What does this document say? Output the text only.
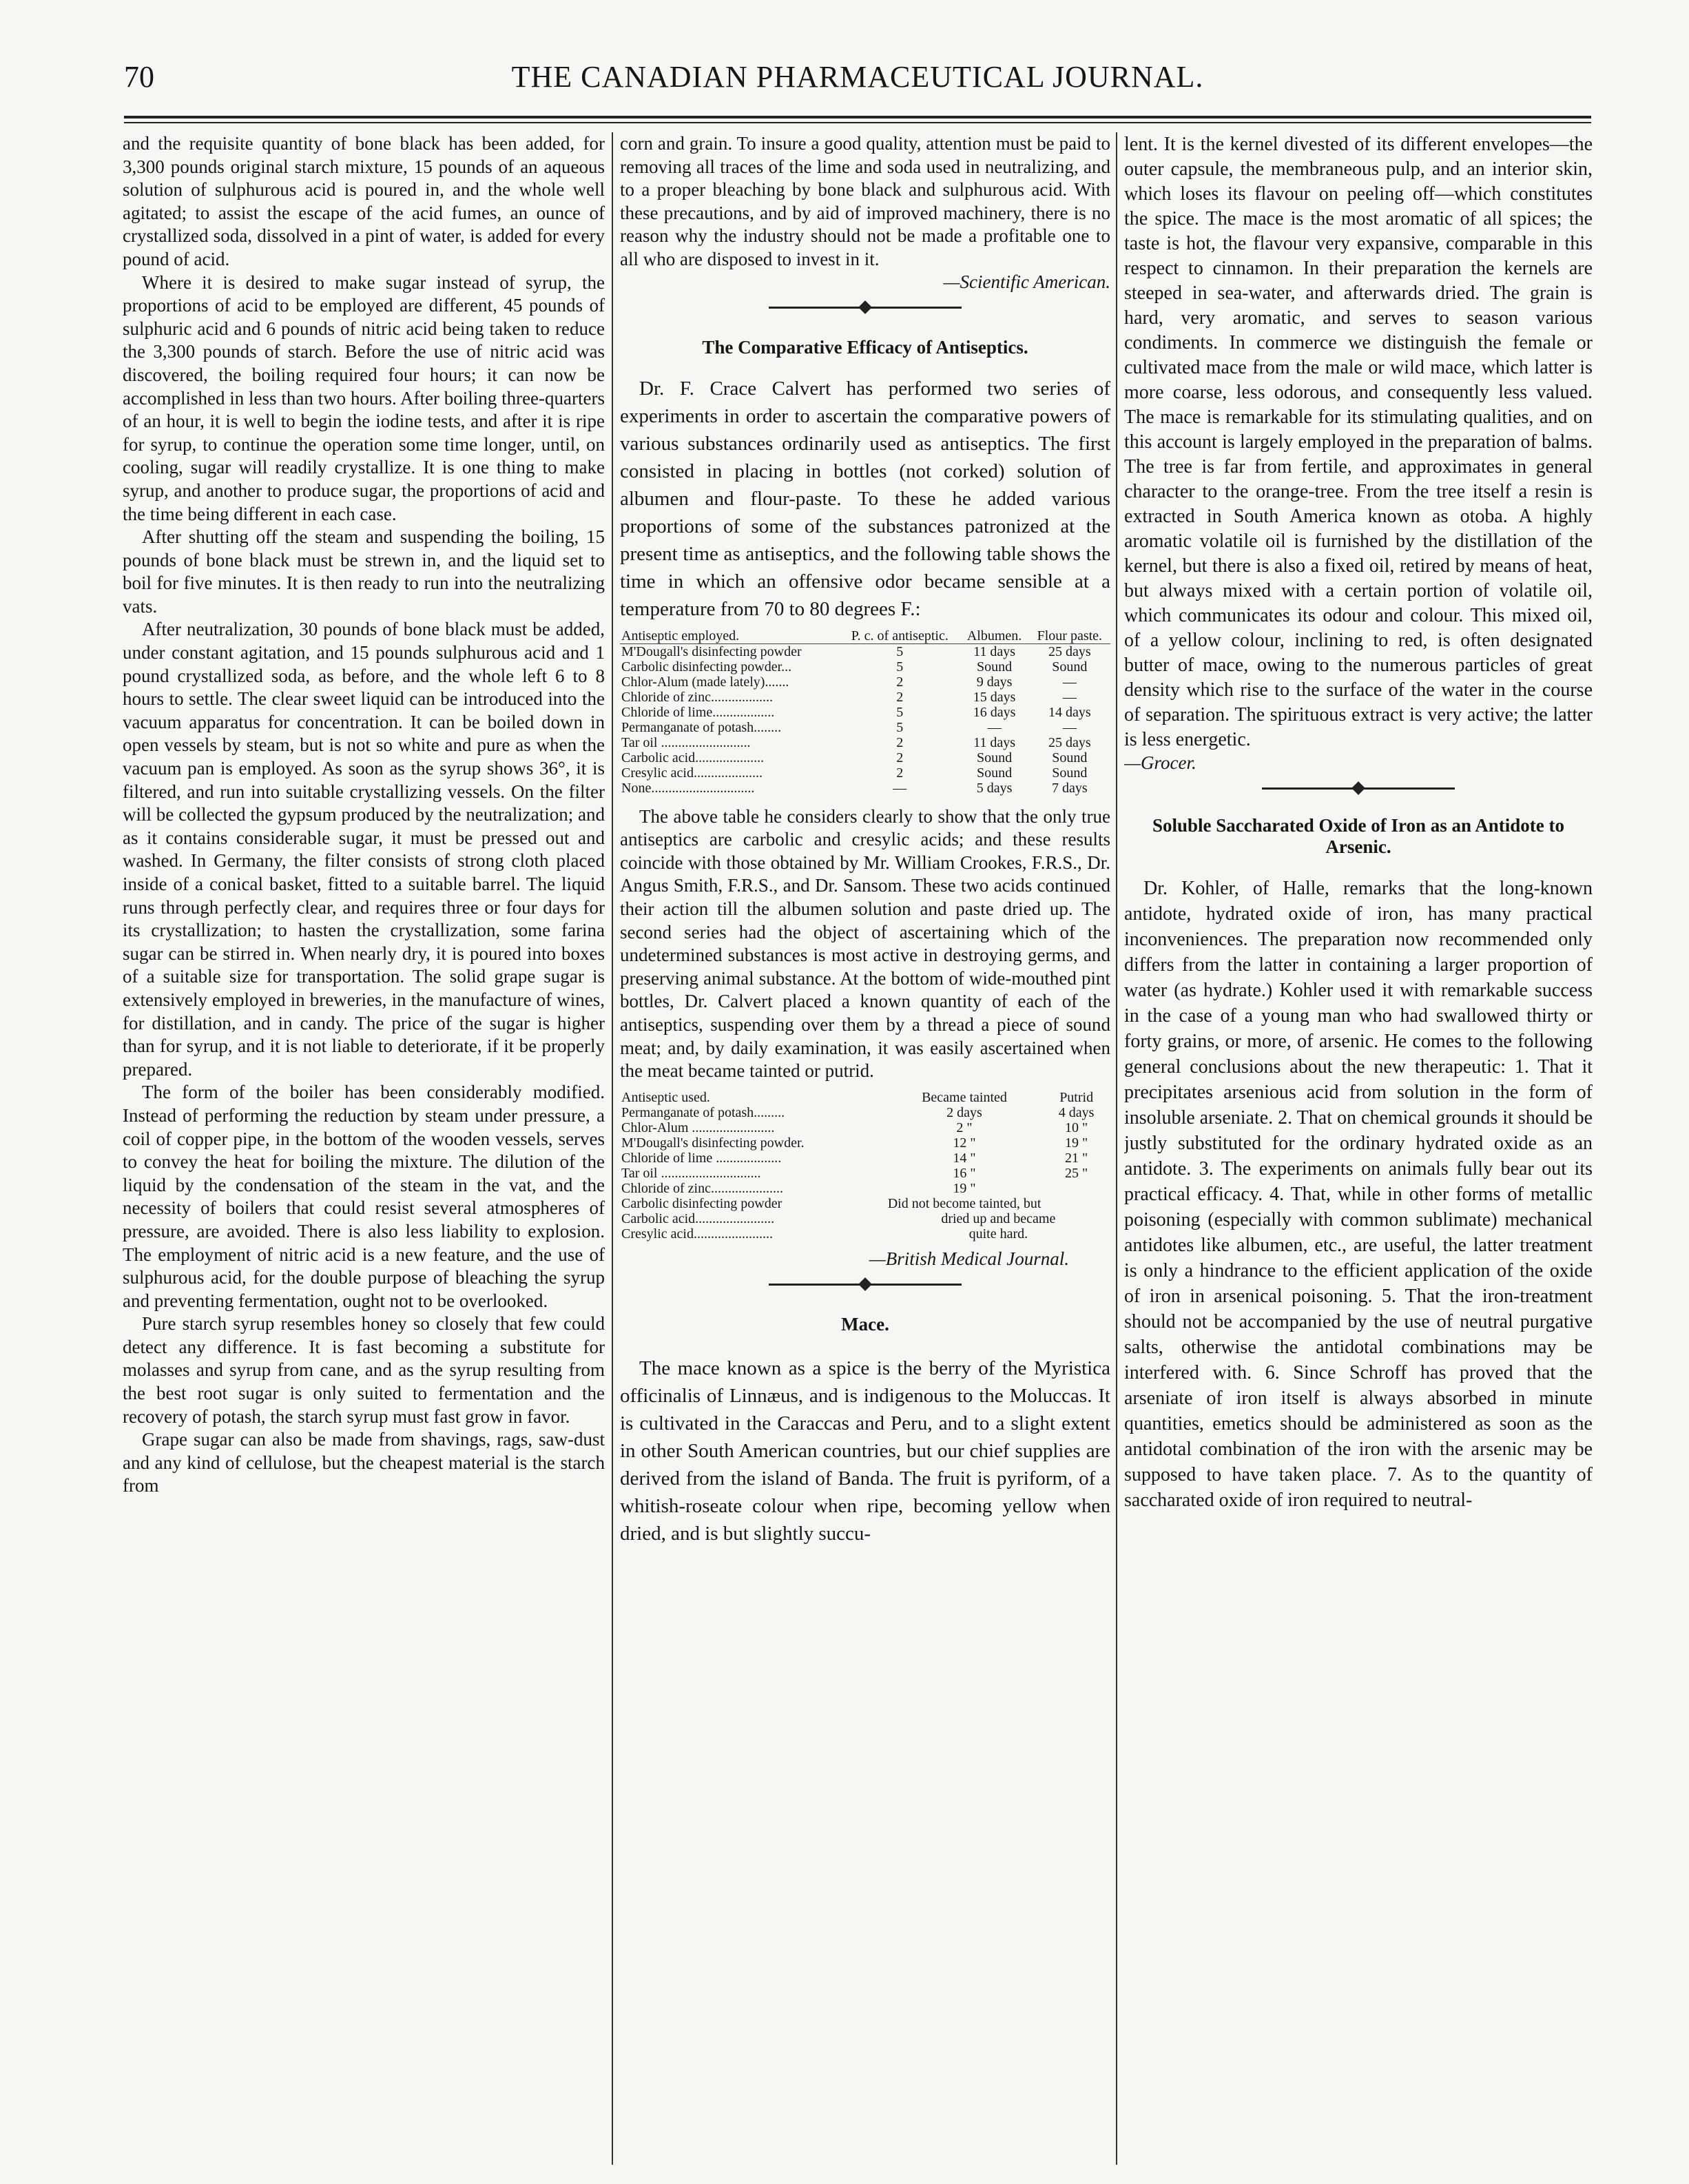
70	THE CANADIAN PHARMACEUTICAL JOURNAL.

and the requisite quantity of bone black has been added, for 3,300 pounds original starch mixture, 15 pounds of an aqueous solution of sulphurous acid is poured in, and the whole well agitated; to assist the escape of the acid fumes, an ounce of crystallized soda, dissolved in a pint of water, is added for every pound of acid.

Where it is desired to make sugar instead of syrup, the proportions of acid to be employed are different, 45 pounds of sulphuric acid and 6 pounds of nitric acid being taken to reduce the 3,300 pounds of starch. Before the use of nitric acid was discovered, the boiling required four hours; it can now be accomplished in less than two hours. After boiling three-quarters of an hour, it is well to begin the iodine tests, and after it is ripe for syrup, to continue the operation some time longer, until, on cooling, sugar will readily crystallize. It is one thing to make syrup, and another to produce sugar, the proportions of acid and the time being different in each case.

After shutting off the steam and suspending the boiling, 15 pounds of bone black must be strewn in, and the liquid set to boil for five minutes. It is then ready to run into the neutralizing vats.

After neutralization, 30 pounds of bone black must be added, under constant agitation, and 15 pounds sulphurous acid and 1 pound crystallized soda, as before, and the whole left 6 to 8 hours to settle. The clear sweet liquid can be introduced into the vacuum apparatus for concentration. It can be boiled down in open vessels by steam, but is not so white and pure as when the vacuum pan is employed. As soon as the syrup shows 36°, it is filtered, and run into suitable crystallizing vessels. On the filter will be collected the gypsum produced by the neutralization; and as it contains considerable sugar, it must be pressed out and washed. In Germany, the filter consists of strong cloth placed inside of a conical basket, fitted to a suitable barrel. The liquid runs through perfectly clear, and requires three or four days for its crystallization; to hasten the crystallization, some farina sugar can be stirred in. When nearly dry, it is poured into boxes of a suitable size for transportation. The solid grape sugar is extensively employed in breweries, in the manufacture of wines, for distillation, and in candy. The price of the sugar is higher than for syrup, and it is not liable to deteriorate, if it be properly prepared.

The form of the boiler has been considerably modified. Instead of performing the reduction by steam under pressure, a coil of copper pipe, in the bottom of the wooden vessels, serves to convey the heat for boiling the mixture. The dilution of the liquid by the condensation of the steam in the vat, and the necessity of boilers that could resist several atmospheres of pressure, are avoided. There is also less liability to explosion. The employment of nitric acid is a new feature, and the use of sulphurous acid, for the double purpose of bleaching the syrup and preventing fermentation, ought not to be overlooked.

Pure starch syrup resembles honey so closely that few could detect any difference. It is fast becoming a substitute for molasses and syrup from cane, and as the syrup resulting from the best root sugar is only suited to fermentation and the recovery of potash, the starch syrup must fast grow in favor.

Grape sugar can also be made from shavings, rags, saw-dust and any kind of cellulose, but the cheapest material is the starch from

corn and grain. To insure a good quality, attention must be paid to removing all traces of the lime and soda used in neutralizing, and to a proper bleaching by bone black and sulphurous acid. With these precautions, and by aid of improved machinery, there is no reason why the industry should not be made a profitable one to all who are disposed to invest in it.

—Scientific American.
The Comparative Efficacy of Antiseptics.

Dr. F. Crace Calvert has performed two series of experiments in order to ascertain the comparative powers of various substances ordinarily used as antiseptics. The first consisted in placing in bottles (not corked) solution of albumen and flour-paste. To these he added various proportions of some of the substances patronized at the present time as antiseptics, and the following table shows the time in which an offensive odor became sensible at a temperature from 70 to 80 degrees F.:

Antiseptic employed.	P. c. of antiseptic.	Albumen.	Flour paste.
M'Dougall's disinfecting powder	5	11 days	25 days
Carbolic disinfecting powder...	5	Sound	Sound
Chlor-Alum (made lately).......	2	9 days	—
Chloride of zinc..................	2	15 days	—
Chloride of lime..................	5	16 days	14 days
Permanganate of potash........	5	—	—
Tar oil ..........................	2	11 days	25 days
Carbolic acid....................	2	Sound	Sound
Cresylic acid....................	2	Sound	Sound
None..............................	—	5 days	7 days

The above table he considers clearly to show that the only true antiseptics are carbolic and cresylic acids; and these results coincide with those obtained by Mr. William Crookes, F.R.S., Dr. Angus Smith, F.R.S., and Dr. Sansom. These two acids continued their action till the albumen solution and paste dried up. The second series had the object of ascertaining which of the undetermined substances is most active in destroying germs, and preserving animal substance. At the bottom of wide-mouthed pint bottles, Dr. Calvert placed a known quantity of each of the antiseptics, suspending over them by a thread a piece of sound meat; and, by daily examination, it was easily ascertained when the meat became tainted or putrid.

Antiseptic used.	Became tainted	Putrid
Permanganate of potash.........	2 days	4 days
Chlor-Alum ........................	2 "	10 "
M'Dougall's disinfecting powder.	12 "	19 "
Chloride of lime ...................	14 "	21 "
Tar oil .............................	16 "	25 "
Chloride of zinc.....................	19 "	
Carbolic disinfecting powder	Did not become tainted, but	
Carbolic acid.......................	dried up and became	
Cresylic acid.......................	quite hard.	
—British Medical Journal.
Mace.

The mace known as a spice is the berry of the Myristica officinalis of Linnæus, and is indigenous to the Moluccas. It is cultivated in the Caraccas and Peru, and to a slight extent in other South American countries, but our chief supplies are derived from the island of Banda. The fruit is pyriform, of a whitish-roseate colour when ripe, becoming yellow when dried, and is but slightly succu-

lent. It is the kernel divested of its different envelopes—the outer capsule, the membraneous pulp, and an interior skin, which loses its flavour on peeling off—which constitutes the spice. The mace is the most aromatic of all spices; the taste is hot, the flavour very expansive, comparable in this respect to cinnamon. In their preparation the kernels are steeped in sea-water, and afterwards dried. The grain is hard, very aromatic, and serves to season various condiments. In commerce we distinguish the female or cultivated mace from the male or wild mace, which latter is more coarse, less odorous, and consequently less valued. The mace is remarkable for its stimulating qualities, and on this account is largely employed in the preparation of balms. The tree is far from fertile, and approximates in general character to the orange-tree. From the tree itself a resin is extracted in South America known as otoba. A highly aromatic volatile oil is furnished by the distillation of the kernel, but there is also a fixed oil, retired by means of heat, but always mixed with a certain portion of volatile oil, which communicates its odour and colour. This mixed oil, of a yellow colour, inclining to red, is often designated butter of mace, owing to the numerous particles of great density which rise to the surface of the water in the course of separation. The spirituous extract is very active; the latter is less energetic.

—Grocer.
Soluble Saccharated Oxide of Iron as an Antidote to Arsenic.

Dr. Kohler, of Halle, remarks that the long-known antidote, hydrated oxide of iron, has many practical inconveniences. The preparation now recommended only differs from the latter in containing a larger proportion of water (as hydrate.) Kohler used it with remarkable success in the case of a young man who had swallowed thirty or forty grains, or more, of arsenic. He comes to the following general conclusions about the new therapeutic: 1. That it precipitates arsenious acid from solution in the form of insoluble arseniate. 2. That on chemical grounds it should be justly substituted for the ordinary hydrated oxide as an antidote. 3. The experiments on animals fully bear out its practical efficacy. 4. That, while in other forms of metallic poisoning (especially with common sublimate) mechanical antidotes like albumen, etc., are useful, the latter treatment is only a hindrance to the efficient application of the oxide of iron in arsenical poisoning. 5. That the iron-treatment should not be accompanied by the use of neutral purgative salts, otherwise the antidotal combinations may be interfered with. 6. Since Schroff has proved that the arseniate of iron itself is always absorbed in minute quantities, emetics should be administered as soon as the antidotal combination of the iron with the arsenic may be supposed to have taken place. 7. As to the quantity of saccharated oxide of iron required to neutral-
